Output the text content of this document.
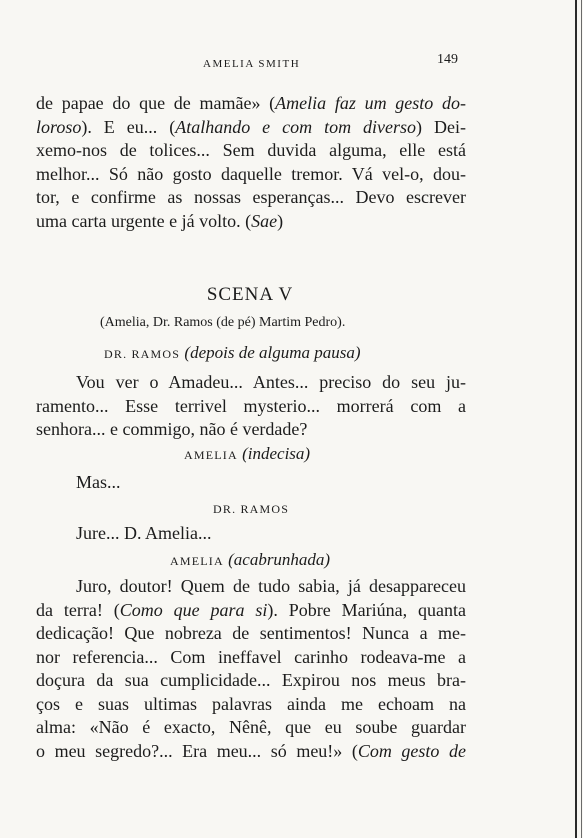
AMELIA SMITH	149
de papae do que de mamãe» (Amelia faz um gesto do-
loroso). E eu... (Atalhando e com tom diverso) Dei-
xemo-nos de tolices... Sem duvida alguma, elle está
melhor... Só não gosto daquelle tremor. Vá vel-o, dou-
tor, e confirme as nossas esperanças... Devo escrever
uma carta urgente e já volto. (Sae)
SCENA V
(Amelia, Dr. Ramos (de pé) Martim Pedro).
DR. RAMOS (depois de alguma pausa)
Vou ver o Amadeu... Antes... preciso do seu ju-
ramento... Esse terrivel mysterio... morrerá com a
senhora... e commigo, não é verdade?
AMELIA (indecisa)
Mas...
DR. RAMOS
Jure... D. Amelia...
AMELIA (acabrunhada)
Juro, doutor! Quem de tudo sabia, já desappareceu
da terra! (Como que para si). Pobre Mariúna, quanta
dedicação! Que nobreza de sentimentos! Nunca a me-
nor referencia... Com ineffavel carinho rodeava-me a
doçura da sua cumplicidade... Expirou nos meus bra-
ços e suas ultimas palavras ainda me echoam na
alma: «Não é exacto, Nênê, que eu soube guardar
o meu segredo?... Era meu... só meu!» (Com gesto de
